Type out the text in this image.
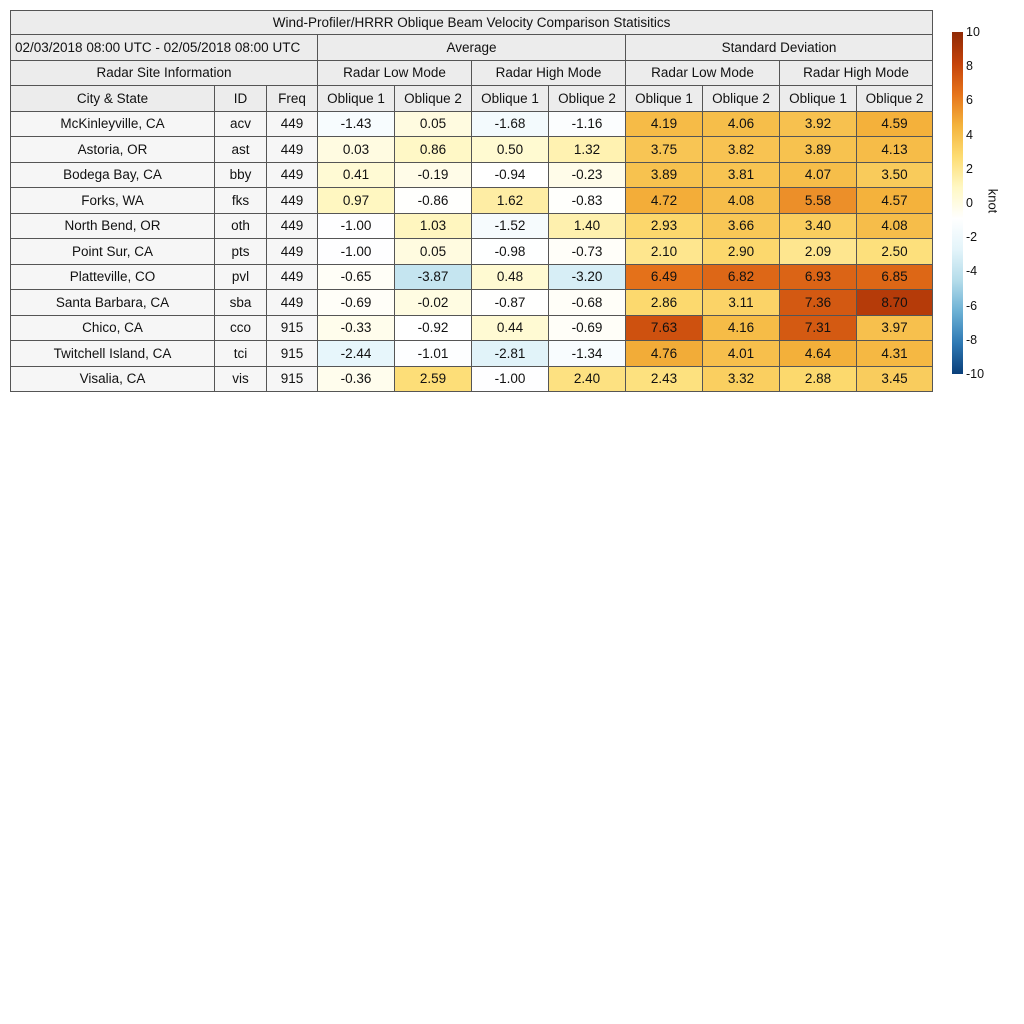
Wind-Profiler/HRRR Oblique Beam Velocity Comparison Statisitics										
02/03/2018 08:00 UTC - 02/05/2018 08:00 UTC			Average				Standard Deviation			
Radar Site Information			Radar Low Mode		Radar High Mode		Radar Low Mode		Radar High Mode	
City & State	ID	Freq	Oblique 1	Oblique 2	Oblique 1	Oblique 2	Oblique 1	Oblique 2	Oblique 1	Oblique 2
McKinleyville, CA	acv	449	-1.43	0.05	-1.68	-1.16	4.19	4.06	3.92	4.59
Astoria, OR	ast	449	0.03	0.86	0.50	1.32	3.75	3.82	3.89	4.13
Bodega Bay, CA	bby	449	0.41	-0.19	-0.94	-0.23	3.89	3.81	4.07	3.50
Forks, WA	fks	449	0.97	-0.86	1.62	-0.83	4.72	4.08	5.58	4.57
North Bend, OR	oth	449	-1.00	1.03	-1.52	1.40	2.93	3.66	3.40	4.08
Point Sur, CA	pts	449	-1.00	0.05	-0.98	-0.73	2.10	2.90	2.09	2.50
Platteville, CO	pvl	449	-0.65	-3.87	0.48	-3.20	6.49	6.82	6.93	6.85
Santa Barbara, CA	sba	449	-0.69	-0.02	-0.87	-0.68	2.86	3.11	7.36	8.70
Chico, CA	cco	915	-0.33	-0.92	0.44	-0.69	7.63	4.16	7.31	3.97
Twitchell Island, CA	tci	915	-2.44	-1.01	-2.81	-1.34	4.76	4.01	4.64	4.31
Visalia, CA	vis	915	-0.36	2.59	-1.00	2.40	2.43	3.32	2.88	3.45
10
8
6
4
2
0
-2
-4
-6
-8
-10
knot
